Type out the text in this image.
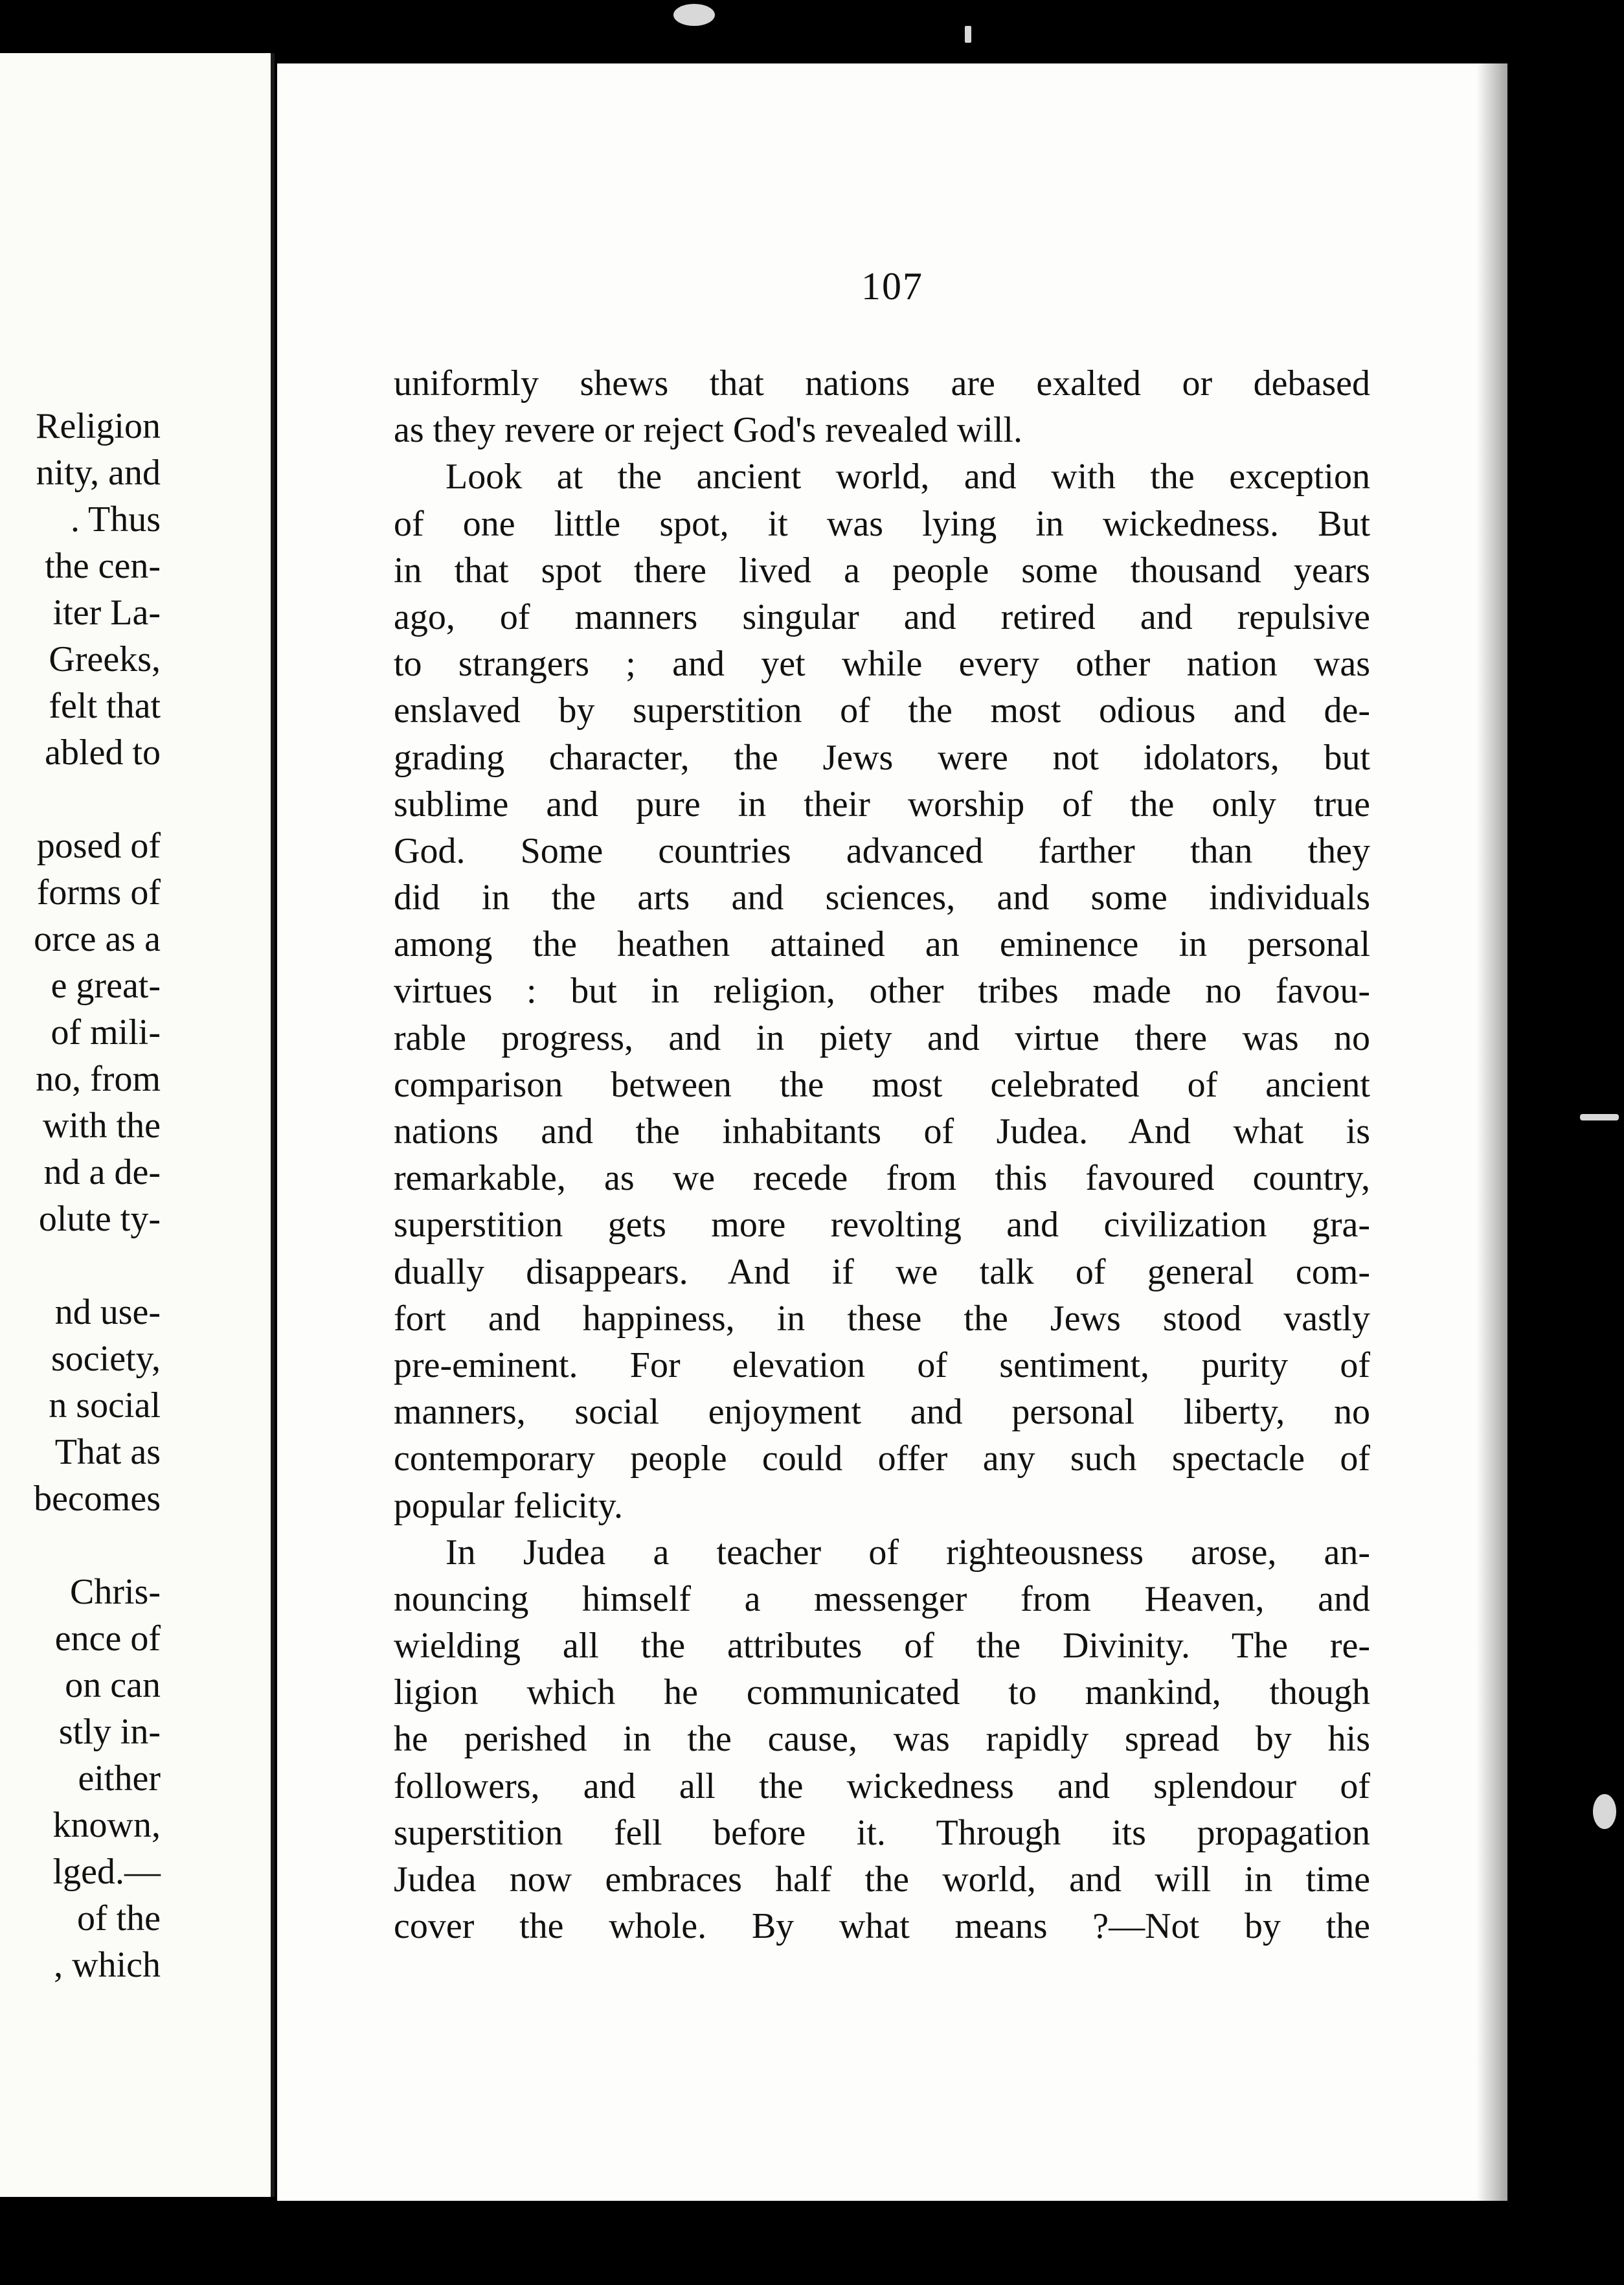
Religion
nity, and
. Thus
the cen-
iter La-
Greeks,
felt that
abled to
posed of
forms of
orce as a
e great-
of mili-
no, from
with the
nd a de-
olute ty-
nd use-
society,
n social
That as
becomes
Chris-
ence of
on can
stly in-
either
known,
lged.—
of the
, which
107
uniformly shews that nations are exalted or debased
as they revere or reject God's revealed will.
Look at the ancient world, and with the exception
of one little spot, it was lying in wickedness. But
in that spot there lived a people some thousand years
ago, of manners singular and retired and repulsive
to strangers ; and yet while every other nation was
enslaved by superstition of the most odious and de-
grading character, the Jews were not idolators, but
sublime and pure in their worship of the only true
God. Some countries advanced farther than they
did in the arts and sciences, and some individuals
among the heathen attained an eminence in personal
virtues : but in religion, other tribes made no favou-
rable progress, and in piety and virtue there was no
comparison between the most celebrated of ancient
nations and the inhabitants of Judea. And what is
remarkable, as we recede from this favoured country,
superstition gets more revolting and civilization gra-
dually disappears. And if we talk of general com-
fort and happiness, in these the Jews stood vastly
pre-eminent. For elevation of sentiment, purity of
manners, social enjoyment and personal liberty, no
contemporary people could offer any such spectacle of
popular felicity.
In Judea a teacher of righteousness arose, an-
nouncing himself a messenger from Heaven, and
wielding all the attributes of the Divinity. The re-
ligion which he communicated to mankind, though
he perished in the cause, was rapidly spread by his
followers, and all the wickedness and splendour of
superstition fell before it. Through its propagation
Judea now embraces half the world, and will in time
cover the whole. By what means ?—Not by the
